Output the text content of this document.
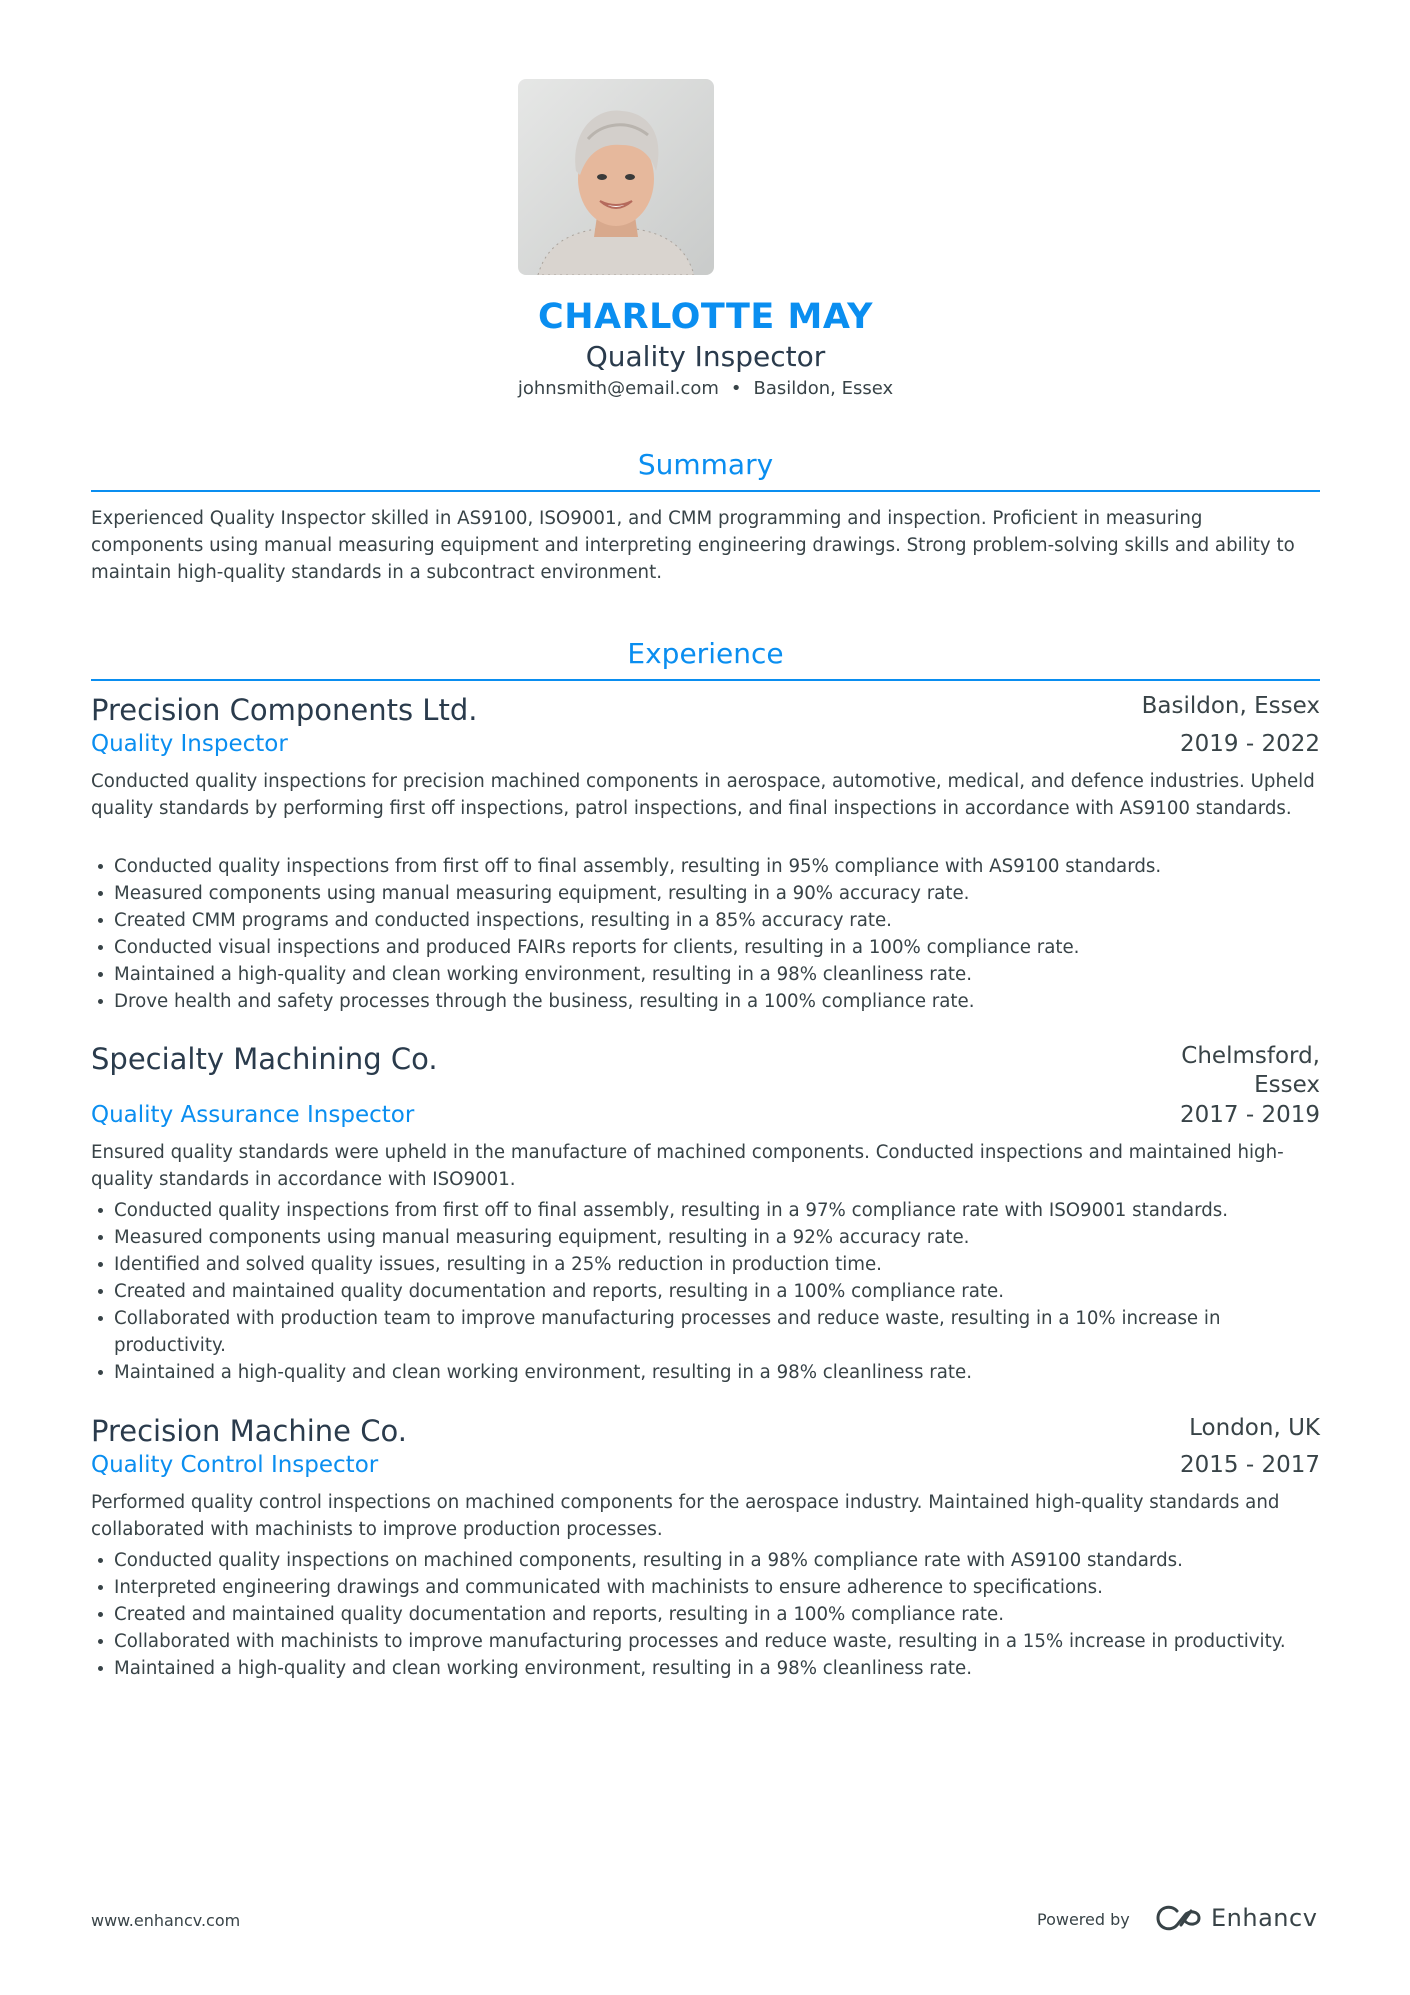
CHARLOTTE MAY
Quality Inspector
johnsmith@email.com • Basildon, Essex
Summary
Experienced Quality Inspector skilled in AS9100, ISO9001, and CMM programming and inspection. Proficient in measuring components using manual measuring equipment and interpreting engineering drawings. Strong problem-solving skills and ability to maintain high-quality standards in a subcontract environment.
Experience
Precision Components Ltd.	Basildon, Essex
Quality Inspector	2019 - 2022
Conducted quality inspections for precision machined components in aerospace, automotive, medical, and defence industries. Upheld quality standards by performing first off inspections, patrol inspections, and final inspections in accordance with AS9100 standards.
Conducted quality inspections from first off to final assembly, resulting in 95% compliance with AS9100 standards.
Measured components using manual measuring equipment, resulting in a 90% accuracy rate.
Created CMM programs and conducted inspections, resulting in a 85% accuracy rate.
Conducted visual inspections and produced FAIRs reports for clients, resulting in a 100% compliance rate.
Maintained a high-quality and clean working environment, resulting in a 98% cleanliness rate.
Drove health and safety processes through the business, resulting in a 100% compliance rate.
Specialty Machining Co.	Chelmsford,
Essex
Quality Assurance Inspector	2017 - 2019
Ensured quality standards were upheld in the manufacture of machined components. Conducted inspections and maintained high-quality standards in accordance with ISO9001.
Conducted quality inspections from first off to final assembly, resulting in a 97% compliance rate with ISO9001 standards.
Measured components using manual measuring equipment, resulting in a 92% accuracy rate.
Identified and solved quality issues, resulting in a 25% reduction in production time.
Created and maintained quality documentation and reports, resulting in a 100% compliance rate.
Collaborated with production team to improve manufacturing processes and reduce waste, resulting in a 10% increase in productivity.
Maintained a high-quality and clean working environment, resulting in a 98% cleanliness rate.
Precision Machine Co.	London, UK
Quality Control Inspector	2015 - 2017
Performed quality control inspections on machined components for the aerospace industry. Maintained high-quality standards and collaborated with machinists to improve production processes.
Conducted quality inspections on machined components, resulting in a 98% compliance rate with AS9100 standards.
Interpreted engineering drawings and communicated with machinists to ensure adherence to specifications.
Created and maintained quality documentation and reports, resulting in a 100% compliance rate.
Collaborated with machinists to improve manufacturing processes and reduce waste, resulting in a 15% increase in productivity.
Maintained a high-quality and clean working environment, resulting in a 98% cleanliness rate.
www.enhancv.com	Powered by	Enhancv
